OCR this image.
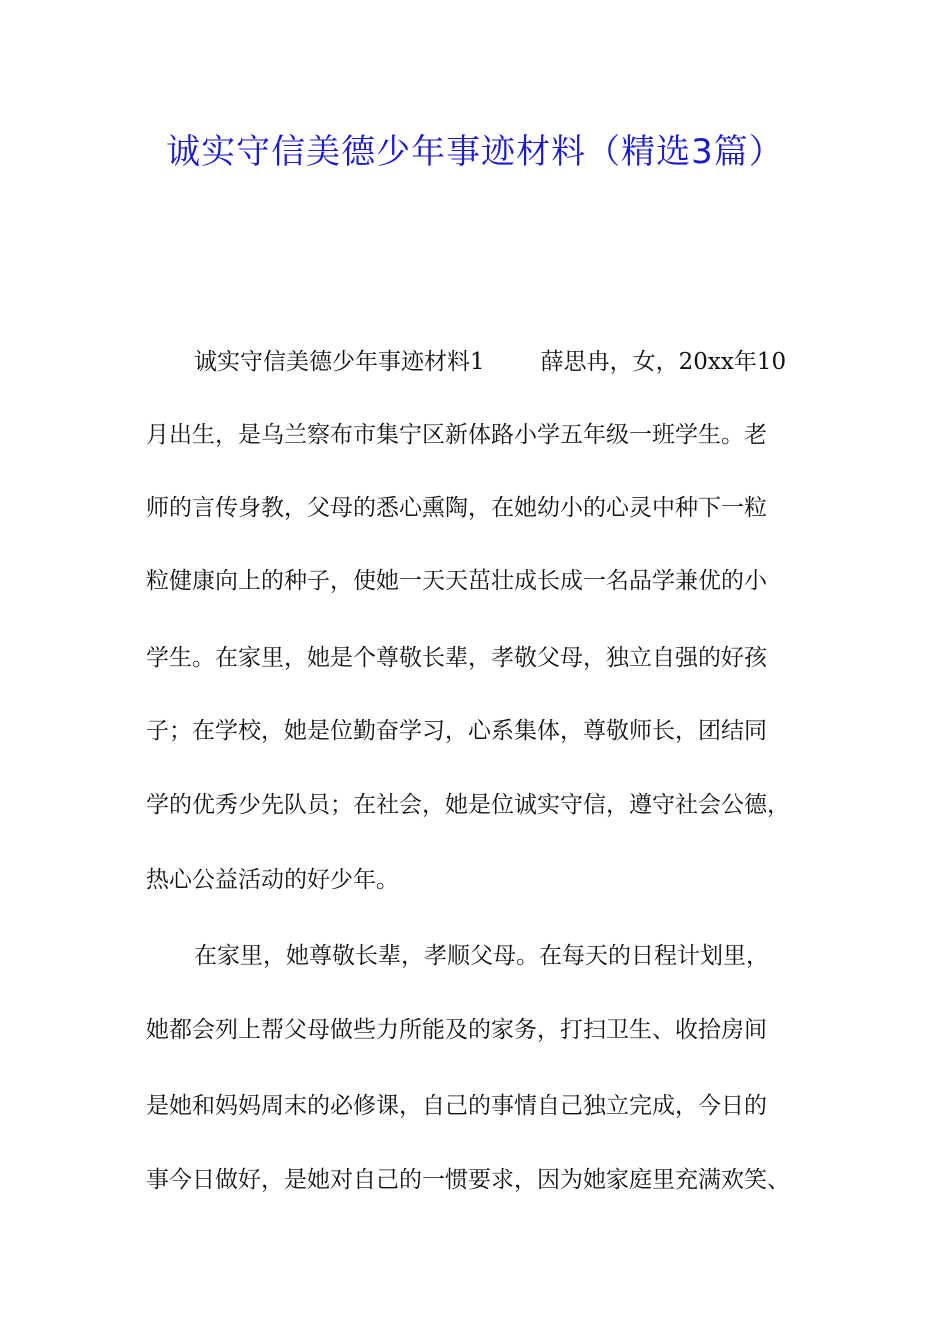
诚实守信美德少年事迹材料（精选3篇）

诚实守信美德少年事迹材料1 薛思冉，女，20xx年10

月出生，是乌兰察布市集宁区新体路小学五年级一班学生。老

师的言传身教，父母的悉心熏陶，在她幼小的心灵中种下一粒

粒健康向上的种子，使她一天天茁壮成长成一名品学兼优的小

学生。在家里，她是个尊敬长辈，孝敬父母，独立自强的好孩

子；在学校，她是位勤奋学习，心系集体，尊敬师长，团结同

学的优秀少先队员；在社会，她是位诚实守信，遵守社会公德，

热心公益活动的好少年。

在家里，她尊敬长辈，孝顺父母。在每天的日程计划里，

她都会列上帮父母做些力所能及的家务，打扫卫生、收拾房间

是她和妈妈周末的必修课，自己的事情自己独立完成，今日的

事今日做好，是她对自己的一惯要求，因为她家庭里充满欢笑、
